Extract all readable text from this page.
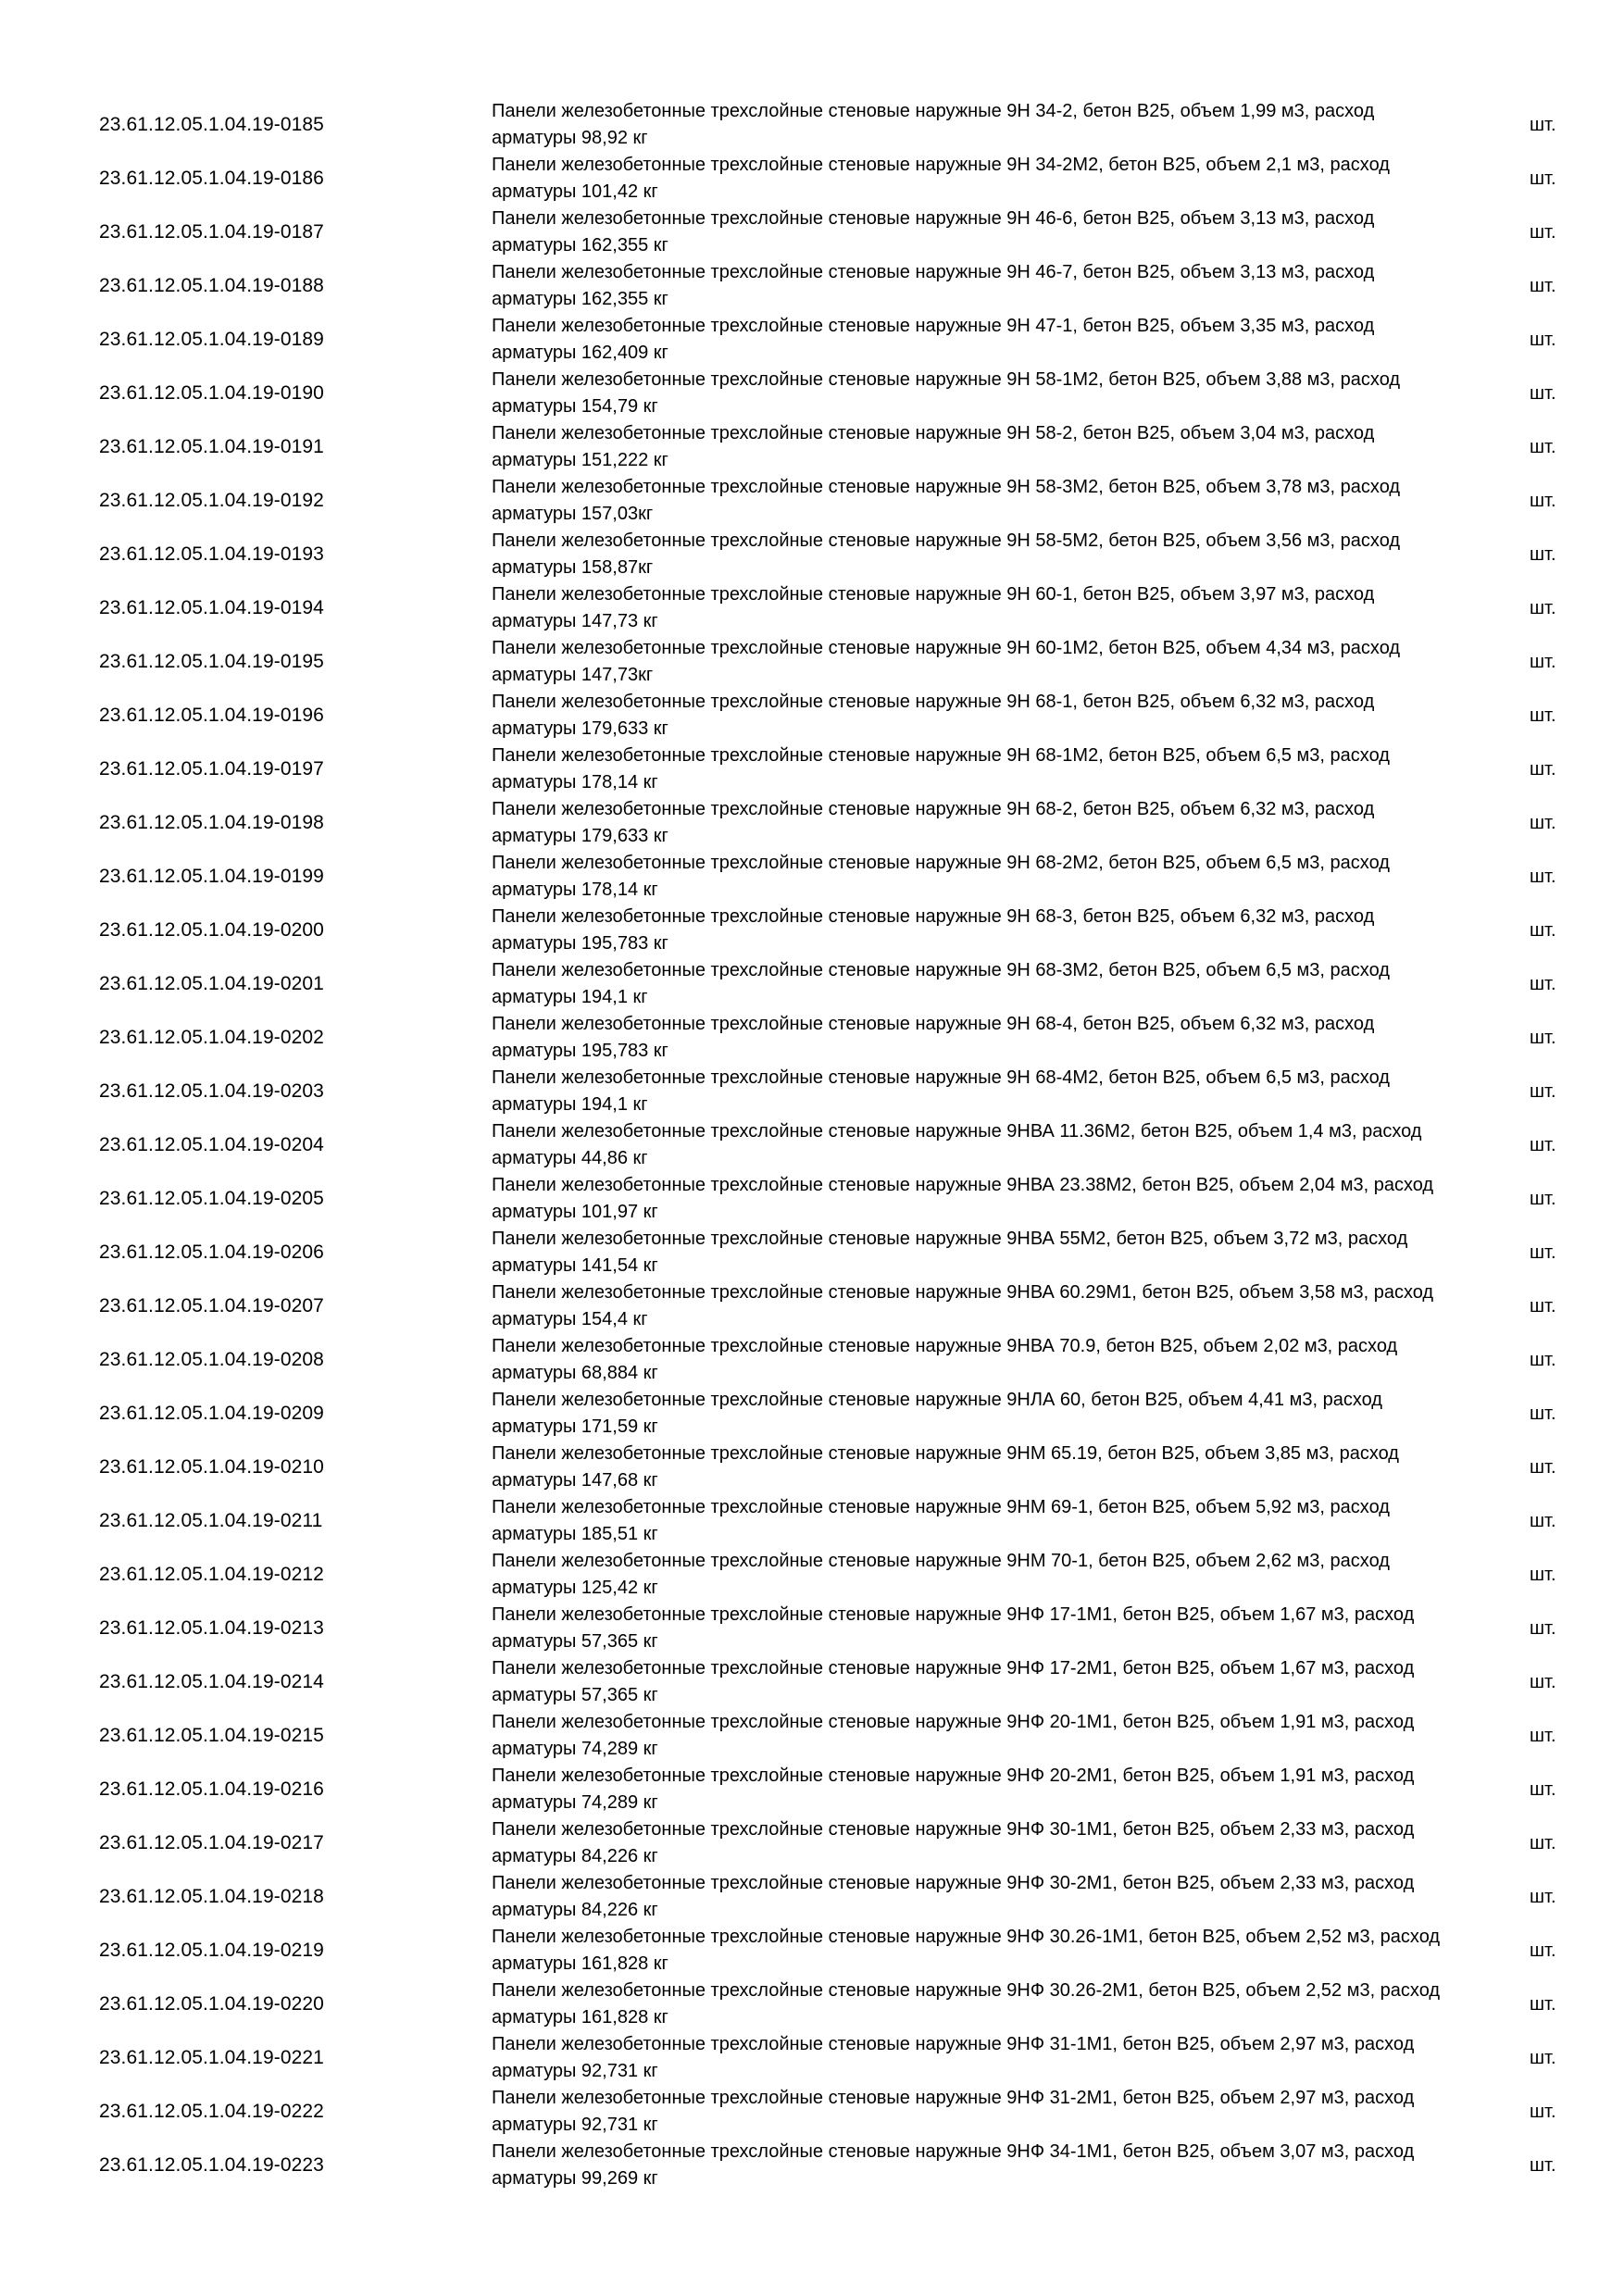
23.61.12.05.1.04.19-0185
Панели железобетонные трехслойные стеновые наружные 9Н 34-2, бетон В25, объем 1,99 м3, расход арматуры 98,92 кг
шт.
23.61.12.05.1.04.19-0186
Панели железобетонные трехслойные стеновые наружные 9Н 34-2М2, бетон В25, объем 2,1 м3, расход арматуры 101,42 кг
шт.
23.61.12.05.1.04.19-0187
Панели железобетонные трехслойные стеновые наружные 9Н 46-6, бетон В25, объем 3,13 м3, расход арматуры 162,355 кг
шт.
23.61.12.05.1.04.19-0188
Панели железобетонные трехслойные стеновые наружные 9Н 46-7, бетон В25, объем 3,13 м3, расход арматуры 162,355 кг
шт.
23.61.12.05.1.04.19-0189
Панели железобетонные трехслойные стеновые наружные 9Н 47-1, бетон В25, объем 3,35 м3, расход арматуры 162,409 кг
шт.
23.61.12.05.1.04.19-0190
Панели железобетонные трехслойные стеновые наружные 9Н 58-1М2, бетон В25, объем 3,88 м3, расход арматуры 154,79 кг
шт.
23.61.12.05.1.04.19-0191
Панели железобетонные трехслойные стеновые наружные 9Н 58-2, бетон В25, объем 3,04 м3, расход арматуры 151,222 кг
шт.
23.61.12.05.1.04.19-0192
Панели железобетонные трехслойные стеновые наружные 9Н 58-3М2, бетон В25, объем 3,78 м3, расход арматуры 157,03кг
шт.
23.61.12.05.1.04.19-0193
Панели железобетонные трехслойные стеновые наружные 9Н 58-5М2, бетон В25, объем 3,56 м3, расход арматуры 158,87кг
шт.
23.61.12.05.1.04.19-0194
Панели железобетонные трехслойные стеновые наружные 9Н 60-1, бетон В25, объем 3,97 м3, расход арматуры 147,73 кг
шт.
23.61.12.05.1.04.19-0195
Панели железобетонные трехслойные стеновые наружные 9Н 60-1М2, бетон В25, объем 4,34 м3, расход арматуры 147,73кг
шт.
23.61.12.05.1.04.19-0196
Панели железобетонные трехслойные стеновые наружные 9Н 68-1, бетон В25, объем 6,32 м3, расход арматуры 179,633 кг
шт.
23.61.12.05.1.04.19-0197
Панели железобетонные трехслойные стеновые наружные 9Н 68-1М2, бетон В25, объем 6,5 м3, расход арматуры 178,14 кг
шт.
23.61.12.05.1.04.19-0198
Панели железобетонные трехслойные стеновые наружные 9Н 68-2, бетон В25, объем 6,32 м3, расход арматуры 179,633 кг
шт.
23.61.12.05.1.04.19-0199
Панели железобетонные трехслойные стеновые наружные 9Н 68-2М2, бетон В25, объем 6,5 м3, расход арматуры 178,14 кг
шт.
23.61.12.05.1.04.19-0200
Панели железобетонные трехслойные стеновые наружные 9Н 68-3, бетон В25, объем 6,32 м3, расход арматуры 195,783 кг
шт.
23.61.12.05.1.04.19-0201
Панели железобетонные трехслойные стеновые наружные 9Н 68-3М2, бетон В25, объем 6,5 м3, расход арматуры 194,1 кг
шт.
23.61.12.05.1.04.19-0202
Панели железобетонные трехслойные стеновые наружные 9Н 68-4, бетон В25, объем 6,32 м3, расход арматуры 195,783 кг
шт.
23.61.12.05.1.04.19-0203
Панели железобетонные трехслойные стеновые наружные 9Н 68-4М2, бетон В25, объем 6,5 м3, расход арматуры 194,1 кг
шт.
23.61.12.05.1.04.19-0204
Панели железобетонные трехслойные стеновые наружные 9НВА 11.36М2, бетон В25, объем 1,4 м3, расход арматуры 44,86 кг
шт.
23.61.12.05.1.04.19-0205
Панели железобетонные трехслойные стеновые наружные 9НВА 23.38М2, бетон В25, объем 2,04 м3, расход арматуры 101,97 кг
шт.
23.61.12.05.1.04.19-0206
Панели железобетонные трехслойные стеновые наружные 9НВА 55М2, бетон В25, объем 3,72 м3, расход арматуры 141,54 кг
шт.
23.61.12.05.1.04.19-0207
Панели железобетонные трехслойные стеновые наружные 9НВА 60.29М1, бетон В25, объем 3,58 м3, расход арматуры 154,4 кг
шт.
23.61.12.05.1.04.19-0208
Панели железобетонные трехслойные стеновые наружные 9НВА 70.9, бетон В25, объем 2,02 м3, расход арматуры 68,884 кг
шт.
23.61.12.05.1.04.19-0209
Панели железобетонные трехслойные стеновые наружные 9НЛА 60, бетон В25, объем 4,41 м3, расход арматуры 171,59 кг
шт.
23.61.12.05.1.04.19-0210
Панели железобетонные трехслойные стеновые наружные 9НМ 65.19, бетон В25, объем 3,85 м3, расход арматуры 147,68 кг
шт.
23.61.12.05.1.04.19-0211
Панели железобетонные трехслойные стеновые наружные 9НМ 69-1, бетон В25, объем 5,92 м3, расход арматуры 185,51 кг
шт.
23.61.12.05.1.04.19-0212
Панели железобетонные трехслойные стеновые наружные 9НМ 70-1, бетон В25, объем 2,62 м3, расход арматуры 125,42 кг
шт.
23.61.12.05.1.04.19-0213
Панели железобетонные трехслойные стеновые наружные 9НФ 17-1М1, бетон В25, объем 1,67 м3, расход арматуры 57,365 кг
шт.
23.61.12.05.1.04.19-0214
Панели железобетонные трехслойные стеновые наружные 9НФ 17-2М1, бетон В25, объем 1,67 м3, расход арматуры 57,365 кг
шт.
23.61.12.05.1.04.19-0215
Панели железобетонные трехслойные стеновые наружные 9НФ 20-1М1, бетон В25, объем 1,91 м3, расход арматуры 74,289 кг
шт.
23.61.12.05.1.04.19-0216
Панели железобетонные трехслойные стеновые наружные 9НФ 20-2М1, бетон В25, объем 1,91 м3, расход арматуры 74,289 кг
шт.
23.61.12.05.1.04.19-0217
Панели железобетонные трехслойные стеновые наружные 9НФ 30-1М1, бетон В25, объем 2,33 м3, расход арматуры 84,226 кг
шт.
23.61.12.05.1.04.19-0218
Панели железобетонные трехслойные стеновые наружные 9НФ 30-2М1, бетон В25, объем 2,33 м3, расход арматуры 84,226 кг
шт.
23.61.12.05.1.04.19-0219
Панели железобетонные трехслойные стеновые наружные 9НФ 30.26-1М1, бетон В25, объем 2,52 м3, расход арматуры 161,828 кг
шт.
23.61.12.05.1.04.19-0220
Панели железобетонные трехслойные стеновые наружные 9НФ 30.26-2М1, бетон В25, объем 2,52 м3, расход арматуры 161,828 кг
шт.
23.61.12.05.1.04.19-0221
Панели железобетонные трехслойные стеновые наружные 9НФ 31-1М1, бетон В25, объем 2,97 м3, расход арматуры 92,731 кг
шт.
23.61.12.05.1.04.19-0222
Панели железобетонные трехслойные стеновые наружные 9НФ 31-2М1, бетон В25, объем 2,97 м3, расход арматуры 92,731 кг
шт.
23.61.12.05.1.04.19-0223
Панели железобетонные трехслойные стеновые наружные 9НФ 34-1М1, бетон В25, объем 3,07 м3, расход арматуры 99,269 кг
шт.
